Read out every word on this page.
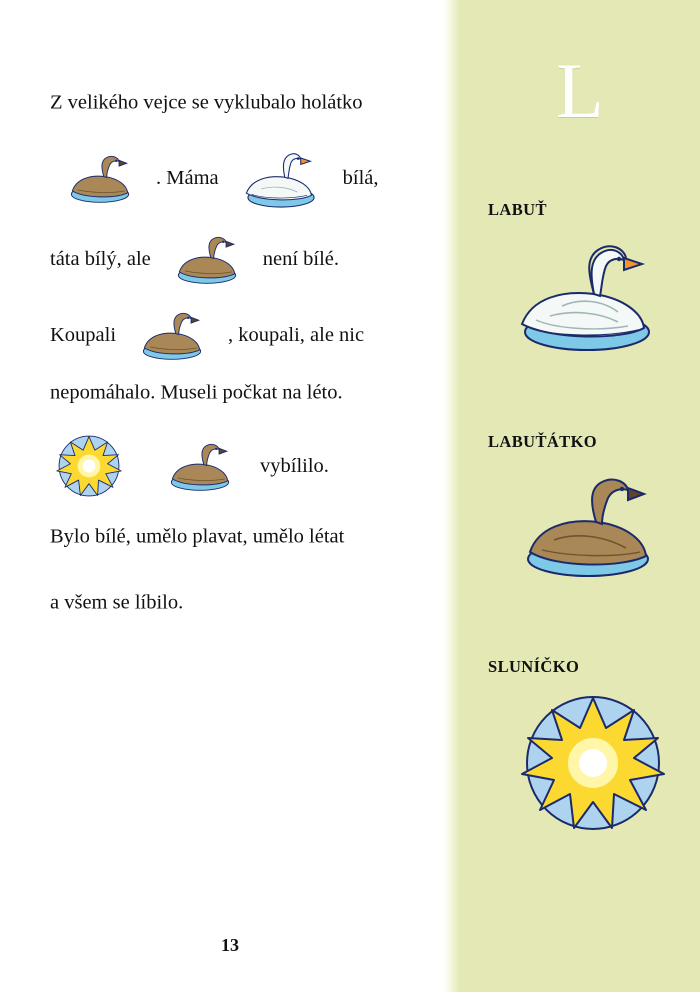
L
LABUŤ
LABUŤÁTKO
SLUNÍČKO
Z velikého vejce se vyklubalo holátko
. Máma	bílá,
táta bílý, ale	není bílé.
Koupali	, koupali, ale nic
nepomáhalo. Museli počkat na léto.
vybílilo.
Bylo bílé, umělo plavat, umělo létat
a všem se líbilo.
13
